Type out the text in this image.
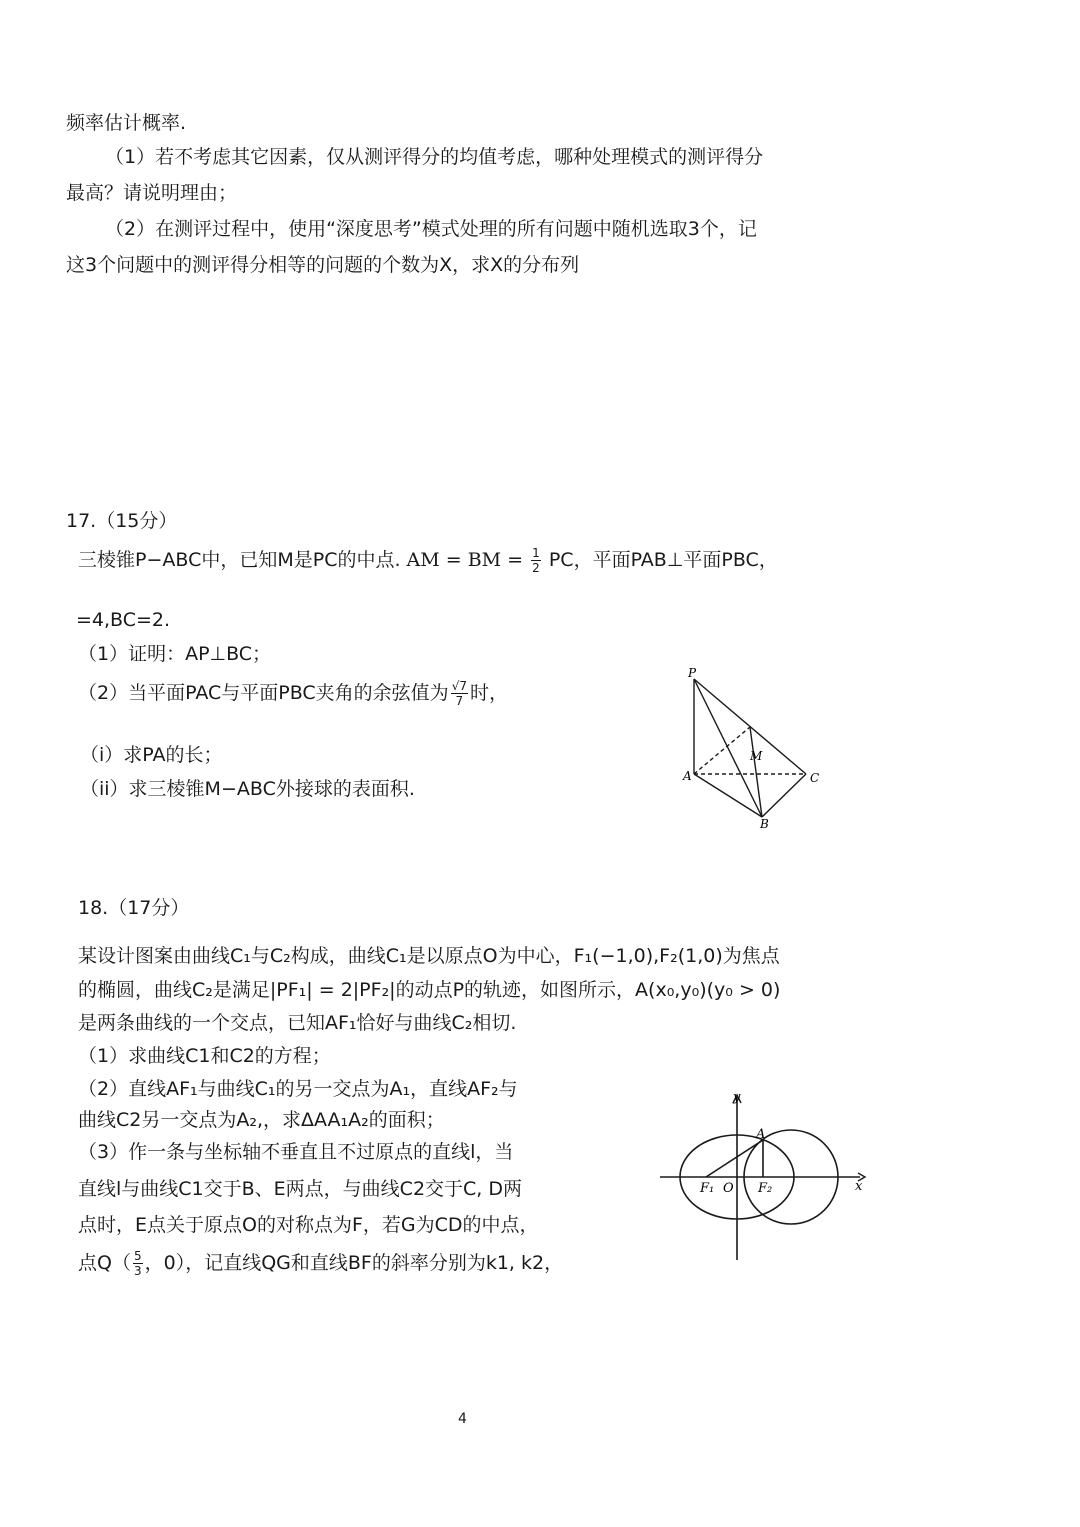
频率估计概率.
（1）若不考虑其它因素，仅从测评得分的均值考虑，哪种处理模式的测评得分
最高？请说明理由；
（2）在测评过程中，使用“深度思考”模式处理的所有问题中随机选取3个，记
这3个问题中的测评得分相等的问题的个数为X，求X的分布列
17.（15分）
三棱锥P−ABC中，已知M是PC的中点. AM = BM = $\frac{1}{2}$ PC，平面PAB⊥平面PBC，
=4,BC=2.
（1）证明：AP⊥BC；
（2）当平面PAC与平面PBC夹角的余弦值为 $\frac{√7}{7}$ 时，
（i）求PA的长；
（ii）求三棱锥M−ABC外接球的表面积.
P
M
A	C
B
18.（17分）
某设计图案由曲线C₁与C₂构成，曲线C₁是以原点O为中心，F₁(−1,0),F₂(1,0)为焦点
的椭圆，曲线C₂是满足|PF₁| = 2|PF₂|的动点P的轨迹，如图所示，A(x₀,y₀)(y₀ > 0)
是两条曲线的一个交点，已知AF₁恰好与曲线C₂相切.
（1）求曲线C1和C2的方程；
（2）直线AF₁与曲线C₁的另一交点为A₁，直线AF₂与
曲线C2另一交点为A₂,，求ΔAA₁A₂的面积；
（3）作一条与坐标轴不垂直且不过原点的直线l，当
直线l与曲线C1交于B、E两点，与曲线C2交于C, D两
点时，E点关于原点O的对称点为F，若G为CD的中点，
点$Q( \frac{5}{3}$ ，0），记直线QG和直线BF的斜率分别为k1, k2，
y
x
A
F₁ O F₂
4
